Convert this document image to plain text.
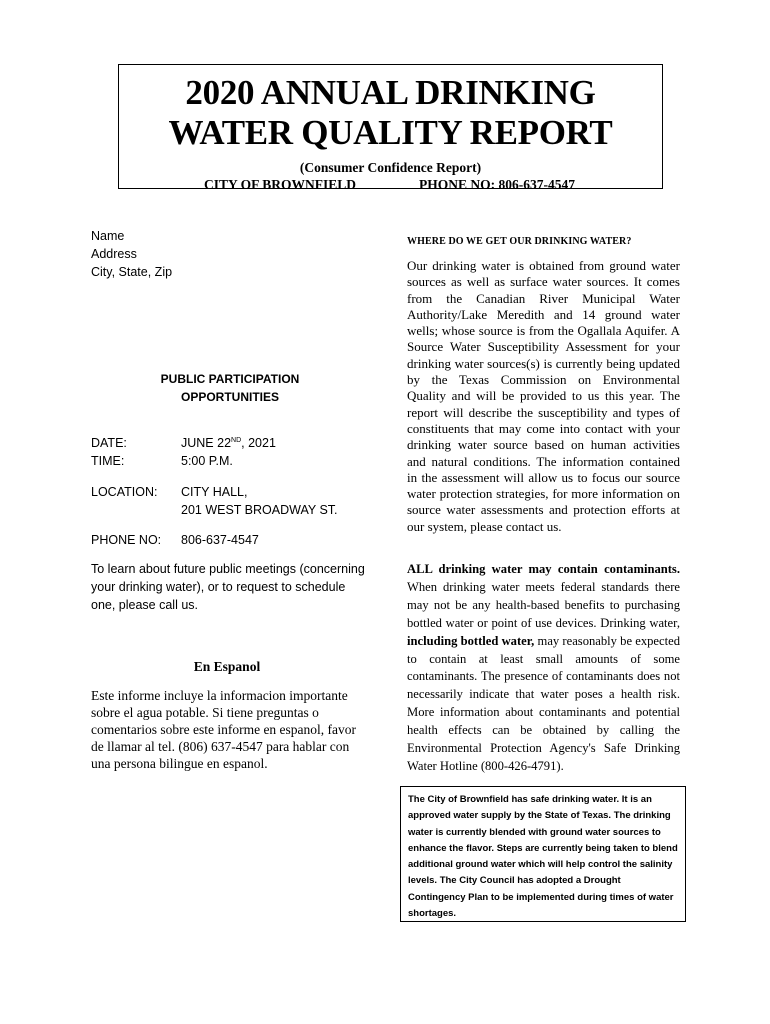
2020 ANNUAL DRINKING
WATER QUALITY REPORT
(Consumer Confidence Report)
CITY OF BROWNFIELD	PHONE NO: 806-637-4547
Name
Address
City, State, Zip
PUBLIC PARTICIPATION
OPPORTUNITIES
DATE:	JUNE 22ND, 2021
TIME:	5:00 P.M.
LOCATION: CITY HALL,
201 WEST BROADWAY ST.
PHONE NO: 806-637-4547
To learn about future public meetings (concerning your drinking water), or to request to schedule one, please call us.
En Espanol
Este informe incluye la informacion importante sobre el agua potable. Si tiene preguntas o comentarios sobre este informe en espanol, favor de llamar al tel. (806) 637-4547 para hablar con una persona bilingue en espanol.
WHERE DO WE GET OUR DRINKING WATER?
Our drinking water is obtained from ground water sources as well as surface water sources. It comes from the Canadian River Municipal Water Authority/Lake Meredith and 14 ground water wells; whose source is from the Ogallala Aquifer. A Source Water Susceptibility Assessment for your drinking water sources(s) is currently being updated by the Texas Commission on Environmental Quality and will be provided to us this year. The report will describe the susceptibility and types of constituents that may come into contact with your drinking water source based on human activities and natural conditions. The information contained in the assessment will allow us to focus our source water protection strategies, for more information on source water assessments and protection efforts at our system, please contact us.
ALL drinking water may contain contaminants. When drinking water meets federal standards there may not be any health-based benefits to purchasing bottled water or point of use devices. Drinking water, including bottled water, may reasonably be expected to contain at least small amounts of some contaminants. The presence of contaminants does not necessarily indicate that water poses a health risk. More information about contaminants and potential health effects can be obtained by calling the Environmental Protection Agency's Safe Drinking Water Hotline (800-426-4791).
The City of Brownfield has safe drinking water. It is an approved water supply by the State of Texas. The drinking water is currently blended with ground water sources to enhance the flavor. Steps are currently being taken to blend additional ground water which will help control the salinity levels. The City Council has adopted a Drought Contingency Plan to be implemented during times of water shortages.
